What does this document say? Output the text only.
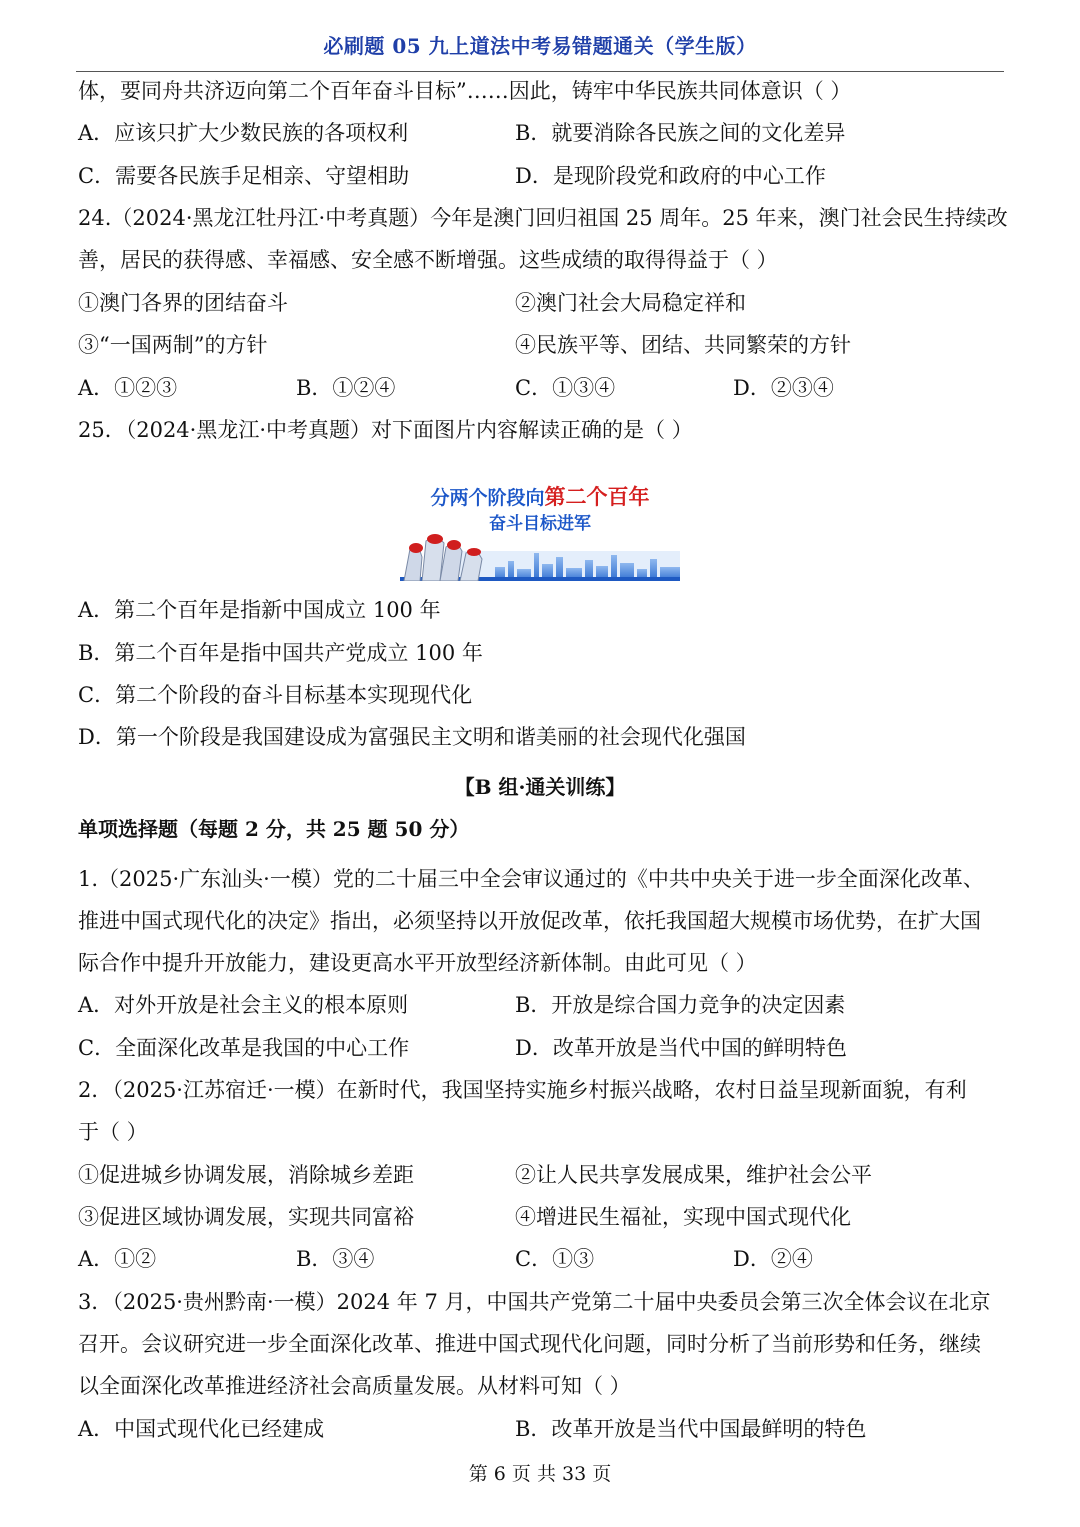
必刷题 05 九上道法中考易错题通关（学生版）
体，要同舟共济迈向第二个百年奋斗目标”……因此，铸牢中华民族共同体意识（ ）
A．应该只扩大少数民族的各项权利	B．就要消除各民族之间的文化差异
C．需要各民族手足相亲、守望相助	D．是现阶段党和政府的中心工作
24.（2024·黑龙江牡丹江·中考真题）今年是澳门回归祖国 25 周年。25 年来，澳门社会民生持续改
善，居民的获得感、幸福感、安全感不断增强。这些成绩的取得得益于（ ）
①澳门各界的团结奋斗	②澳门社会大局稳定祥和
③“一国两制”的方针	④民族平等、团结、共同繁荣的方针
A．①②③	B．①②④	C．①③④	D．②③④
25．（2024·黑龙江·中考真题）对下面图片内容解读正确的是（ ）
分两个阶段向第二个百年
奋斗目标进军
A．第二个百年是指新中国成立 100 年
B．第二个百年是指中国共产党成立 100 年
C．第二个阶段的奋斗目标基本实现现代化
D．第一个阶段是我国建设成为富强民主文明和谐美丽的社会现代化强国
【B 组·通关训练】
单项选择题（每题 2 分，共 25 题 50 分）
1.（2025·广东汕头·一模）党的二十届三中全会审议通过的《中共中央关于进一步全面深化改革、
推进中国式现代化的决定》指出，必须坚持以开放促改革，依托我国超大规模市场优势，在扩大国
际合作中提升开放能力，建设更高水平开放型经济新体制。由此可见（ ）
A．对外开放是社会主义的根本原则	B．开放是综合国力竞争的决定因素
C．全面深化改革是我国的中心工作	D．改革开放是当代中国的鲜明特色
2．（2025·江苏宿迁·一模）在新时代，我国坚持实施乡村振兴战略，农村日益呈现新面貌，有利
于（ ）
①促进城乡协调发展，消除城乡差距	②让人民共享发展成果，维护社会公平
③促进区域协调发展，实现共同富裕	④增进民生福祉，实现中国式现代化
A．①②	B．③④	C．①③	D．②④
3．（2025·贵州黔南·一模）2024 年 7 月，中国共产党第二十届中央委员会第三次全体会议在北京
召开。会议研究进一步全面深化改革、推进中国式现代化问题，同时分析了当前形势和任务，继续
以全面深化改革推进经济社会高质量发展。从材料可知（ ）
A．中国式现代化已经建成	B．改革开放是当代中国最鲜明的特色
第 6 页 共 33 页
